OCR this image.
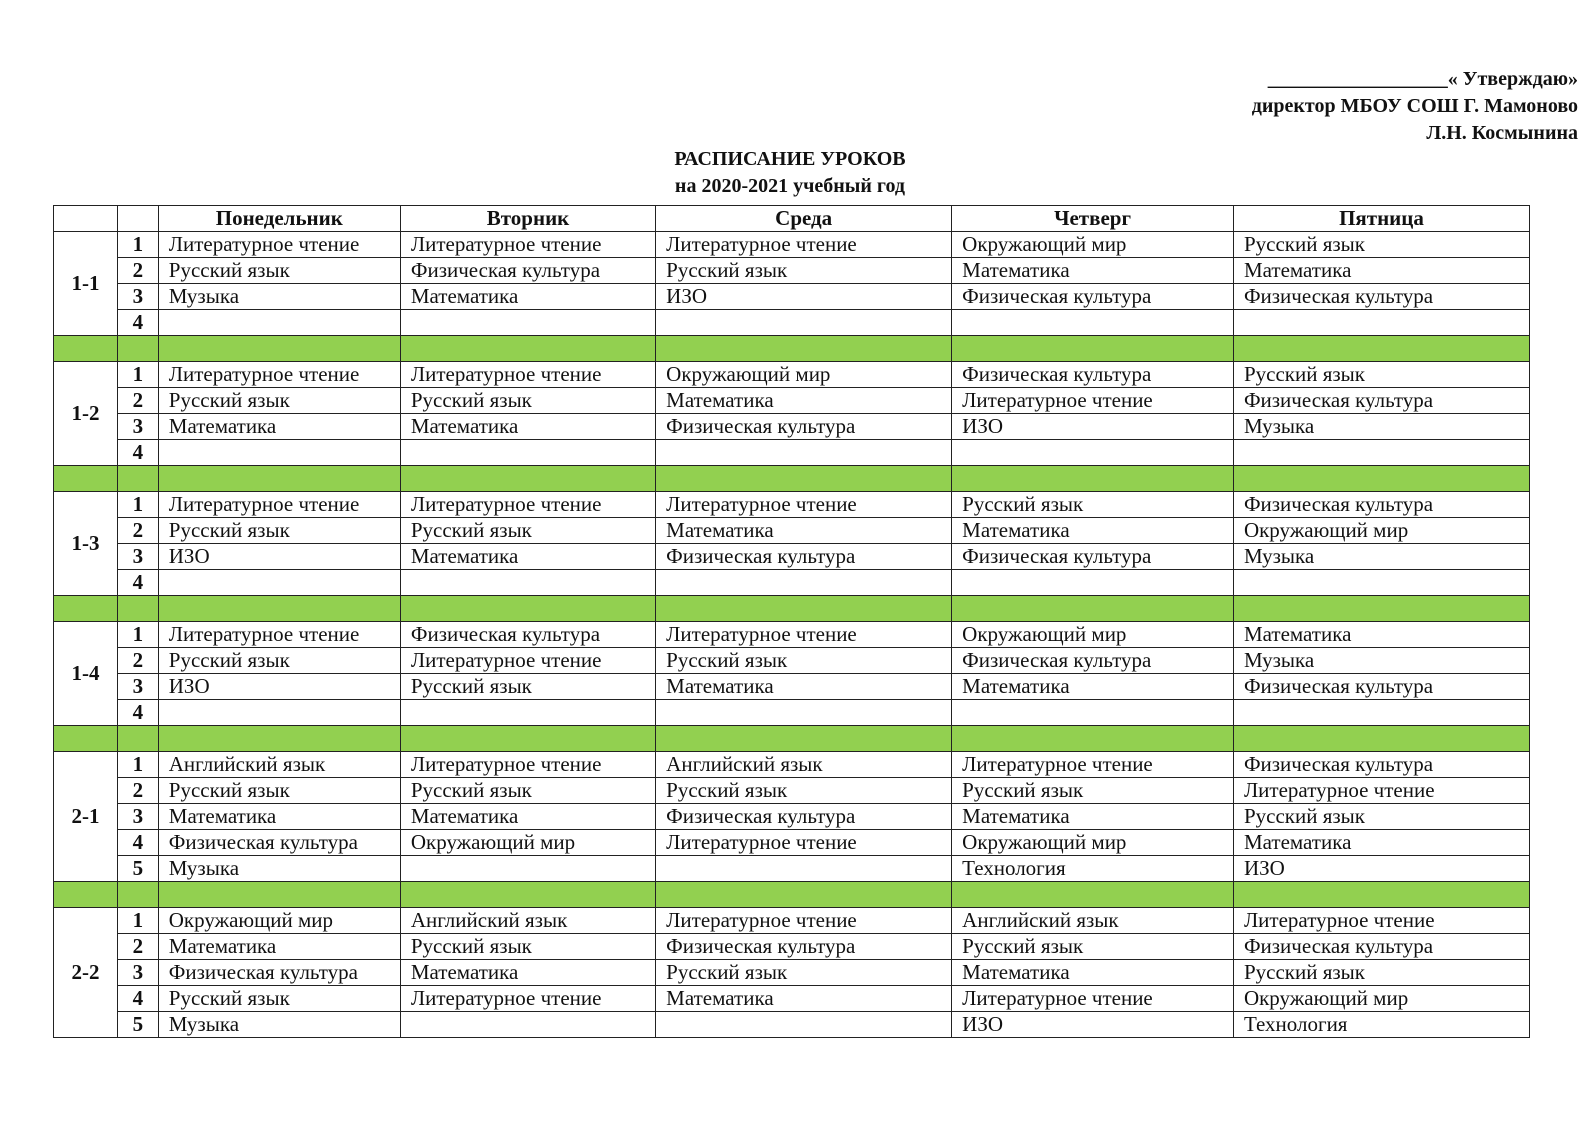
__________________« Утверждаю»
директор МБОУ СОШ Г. Мамоново
Л.Н. Космынина
РАСПИСАНИЕ УРОКОВ
на 2020-2021 учебный год
		Понедельник	Вторник	Среда	Четверг	Пятница
1-1	1	Литературное чтение	Литературное чтение	Литературное чтение	Окружающий мир	Русский язык
	2	Русский язык	Физическая культура	Русский язык	Математика	Математика
	3	Музыка	Математика	ИЗО	Физическая культура	Физическая культура
	4					

1-2	1	Литературное чтение	Литературное чтение	Окружающий мир	Физическая культура	Русский язык
	2	Русский язык	Русский язык	Математика	Литературное чтение	Физическая культура
	3	Математика	Математика	Физическая культура	ИЗО	Музыка
	4					

1-3	1	Литературное чтение	Литературное чтение	Литературное чтение	Русский язык	Физическая культура
	2	Русский язык	Русский язык	Математика	Математика	Окружающий мир
	3	ИЗО	Математика	Физическая культура	Физическая культура	Музыка
	4					

1-4	1	Литературное чтение	Физическая культура	Литературное чтение	Окружающий мир	Математика
	2	Русский язык	Литературное чтение	Русский язык	Физическая культура	Музыка
	3	ИЗО	Русский язык	Математика	Математика	Физическая культура
	4					

2-1	1	Английский язык	Литературное чтение	Английский язык	Литературное чтение	Физическая культура
	2	Русский язык	Русский язык	Русский язык	Русский язык	Литературное чтение
	3	Математика	Математика	Физическая культура	Математика	Русский язык
	4	Физическая культура	Окружающий мир	Литературное чтение	Окружающий мир	Математика
	5	Музыка			Технология	ИЗО

2-2	1	Окружающий мир	Английский язык	Литературное чтение	Английский язык	Литературное чтение
	2	Математика	Русский язык	Физическая культура	Русский язык	Физическая культура
	3	Физическая культура	Математика	Русский язык	Математика	Русский язык
	4	Русский язык	Литературное чтение	Математика	Литературное чтение	Окружающий мир
	5	Музыка			ИЗО	Технология
